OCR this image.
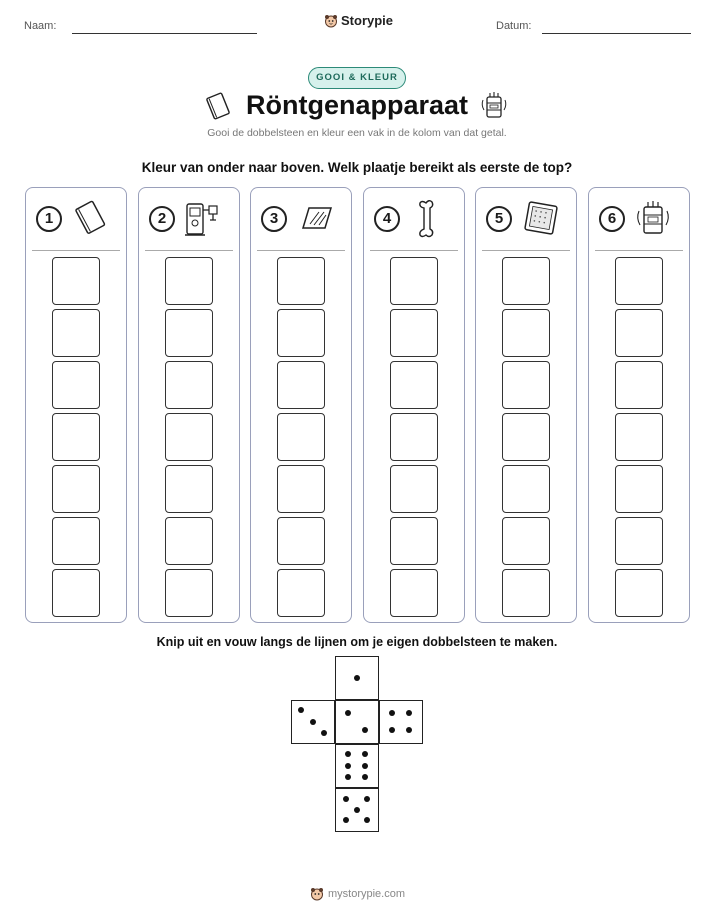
Naam:	Storypie	Datum:
GOOI & KLEUR
Röntgenapparaat
Gooi de dobbelsteen en kleur een vak in de kolom van dat getal.
Kleur van onder naar boven. Welk plaatje bereikt als eerste de top?
1	2	3	4	5	6
Knip uit en vouw langs de lijnen om je eigen dobbelsteen te maken.
mystorypie.com
